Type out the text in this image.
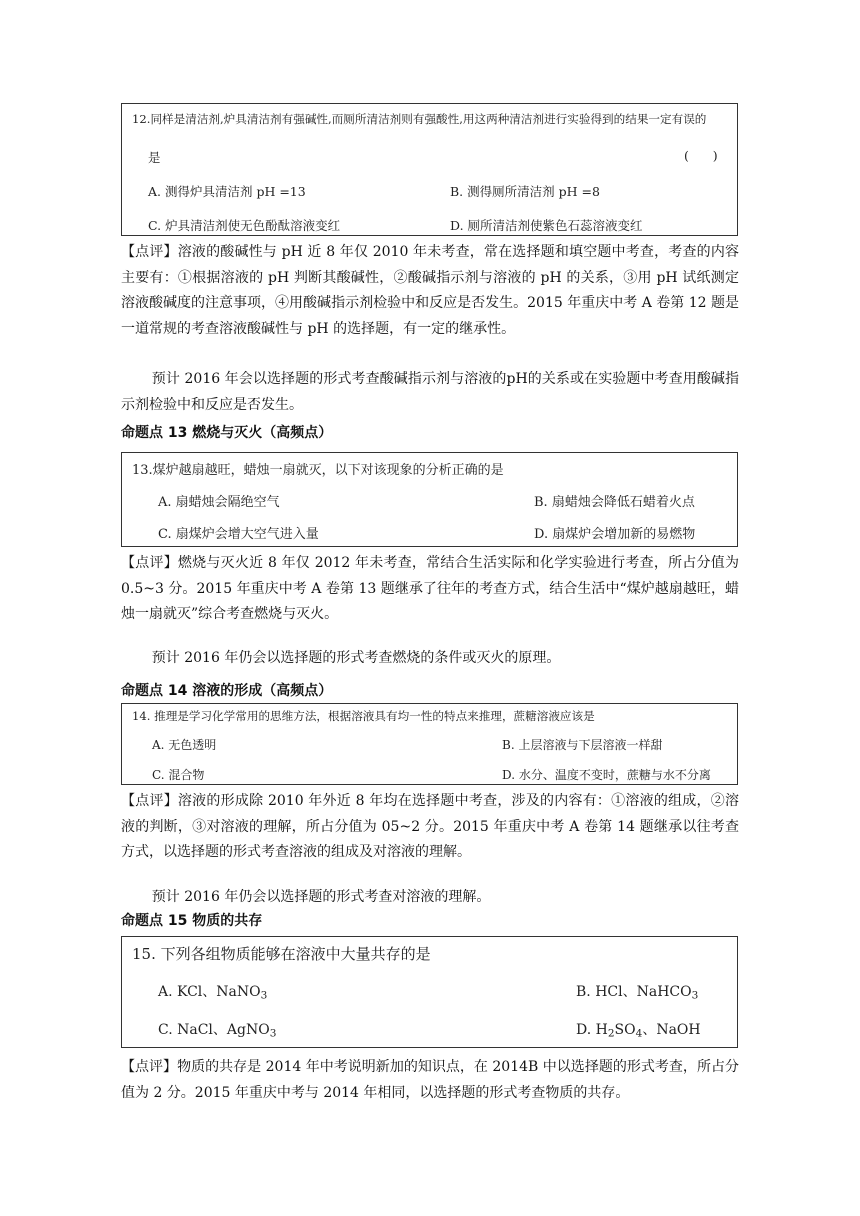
12.同样是清洁剂,炉具清洁剂有强碱性,而厕所清洁剂则有强酸性,用这两种清洁剂进行实验得到的结果一定有误的
是	(      )
A. 测得炉具清洁剂 pH =13	B. 测得厕所清洁剂 pH =8
C. 炉具清洁剂使无色酚酞溶液变红	D. 厕所清洁剂使紫色石蕊溶液变红

【点评】溶液的酸碱性与 pH 近 8 年仅 2010 年未考查，常在选择题和填空题中考查，考查的内容主要有：①根据溶液的 pH 判断其酸碱性，②酸碱指示剂与溶液的 pH 的关系，③用 pH 试纸测定溶液酸碱度的注意事项，④用酸碱指示剂检验中和反应是否发生。2015 年重庆中考 A 卷第 12 题是一道常规的考查溶液酸碱性与 pH 的选择题，有一定的继承性。

预计 2016 年会以选择题的形式考查酸碱指示剂与溶液的pH的关系或在实验题中考查用酸碱指示剂检验中和反应是否发生。

命题点 13 燃烧与灭火（高频点）
13.煤炉越扇越旺，蜡烛一扇就灭，以下对该现象的分析正确的是
A. 扇蜡烛会隔绝空气	B. 扇蜡烛会降低石蜡着火点
C. 扇煤炉会增大空气进入量	D. 扇煤炉会增加新的易燃物

【点评】燃烧与灭火近 8 年仅 2012 年未考查，常结合生活实际和化学实验进行考查，所占分值为 0.5~3 分。2015 年重庆中考 A 卷第 13 题继承了往年的考查方式，结合生活中“煤炉越扇越旺，蜡烛一扇就灭”综合考查燃烧与灭火。

预计 2016 年仍会以选择题的形式考查燃烧的条件或灭火的原理。

命题点 14 溶液的形成（高频点）
14. 推理是学习化学常用的思维方法，根据溶液具有均一性的特点来推理，蔗糖溶液应该是
A. 无色透明	B. 上层溶液与下层溶液一样甜
C. 混合物	D. 水分、温度不变时，蔗糖与水不分离

【点评】溶液的形成除 2010 年外近 8 年均在选择题中考查，涉及的内容有：①溶液的组成，②溶液的判断，③对溶液的理解，所占分值为 05~2 分。2015 年重庆中考 A 卷第 14 题继承以往考查方式，以选择题的形式考查溶液的组成及对溶液的理解。

预计 2016 年仍会以选择题的形式考查对溶液的理解。

命题点 15 物质的共存
15. 下列各组物质能够在溶液中大量共存的是
A. KCl、NaNO$_3$	B. HCl、NaHCO$_3$
C. NaCl、AgNO$_3$	D. $H_2SO_4$、NaOH

【点评】物质的共存是 2014 年中考说明新加的知识点，在 2014B 中以选择题的形式考查，所占分值为 2 分。2015 年重庆中考与 2014 年相同，以选择题的形式考查物质的共存。
